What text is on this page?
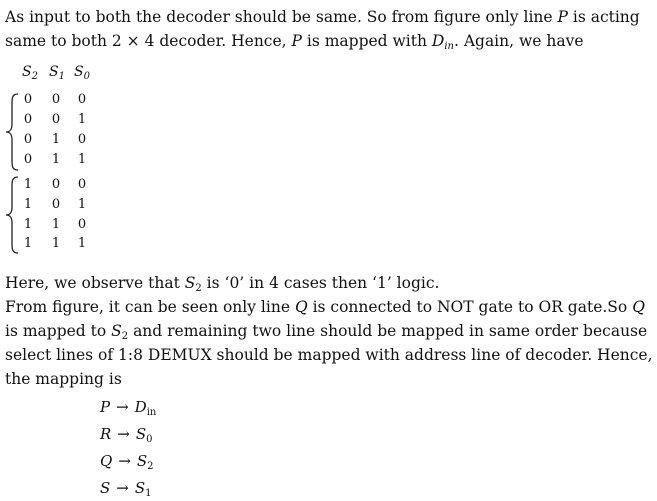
As input to both the decoder should be same. So from figure only line P is acting
same to both 2 × 4 decoder. Hence, P is mapped with $D_{in}$. Again, we have
$S_2$ $S_1$ $S_0$
0 0 0
0 0 1
0 1 0
0 1 1
1 0 0
1 0 1
1 1 0
1 1 1
Here, we observe that $S_2$ is ‘0’ in 4 cases then ‘1’ logic.
From figure, it can be seen only line Q is connected to NOT gate to OR gate.So Q
is mapped to $S_2$ and remaining two line should be mapped in same order because
select lines of 1:8 DEMUX should be mapped with address line of decoder. Hence,
the mapping is
$P \to D_{in}$
$R \to S_0$
$Q \to S_2$
$S \to S_1$
